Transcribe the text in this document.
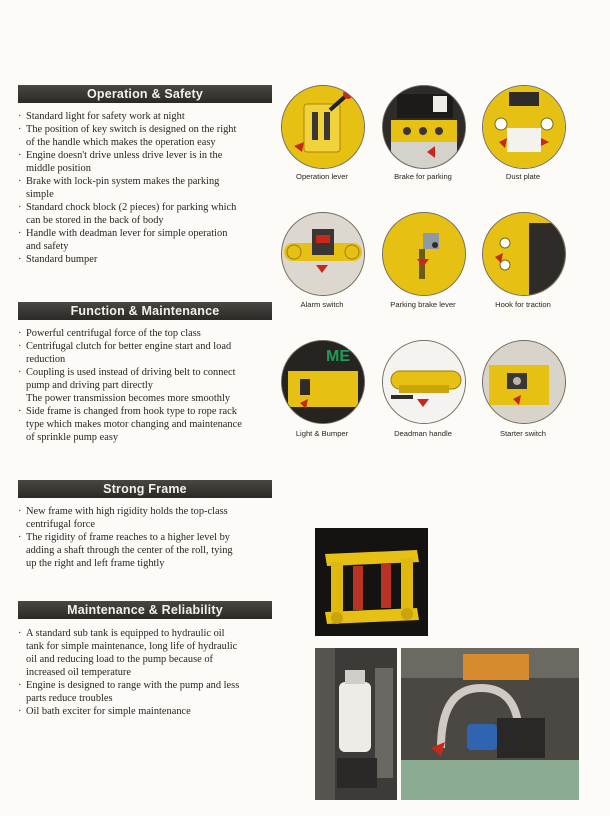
Operation & Safety
· Standard light for safety work at night
· The position of key switch is designed on the right
of the handle which makes the operation easy
· Engine doesn't drive unless drive lever is in the
middle position
· Brake with lock-pin system makes the parking
simple
· Standard chock block (2 pieces) for parking which
can be stored in the back of body
· Handle with deadman lever for simple operation
and safety
· Standard bumper
Function & Maintenance
· Powerful centrifugal force of the top class
· Centrifugal clutch for better engine start and load
reduction
· Coupling is used instead of driving belt to connect
pump and driving part directly
The power transmission becomes more smoothly
· Side frame is changed from hook type to rope rack
type which makes motor changing and maintenance
of sprinkle pump easy
Strong Frame
· New frame with high rigidity holds the top-class
centrifugal force
· The rigidity of frame reaches to a higher level by
adding a shaft through the center of the roll, tying
up the right and left frame tightly
Maintenance & Reliability
· A standard sub tank is equipped to hydraulic oil
tank for simple maintenance, long life of hydraulic
oil and reducing load to the pump because of
increased oil temperature
· Engine is designed to range with the pump and less
parts reduce troubles
· Oil bath exciter for simple maintenance
Operation lever	Brake for parking	Dust plate
Alarm switch	Parking brake lever	Hook for traction
ME
Light & Bumper	Deadman handle	Starter switch
